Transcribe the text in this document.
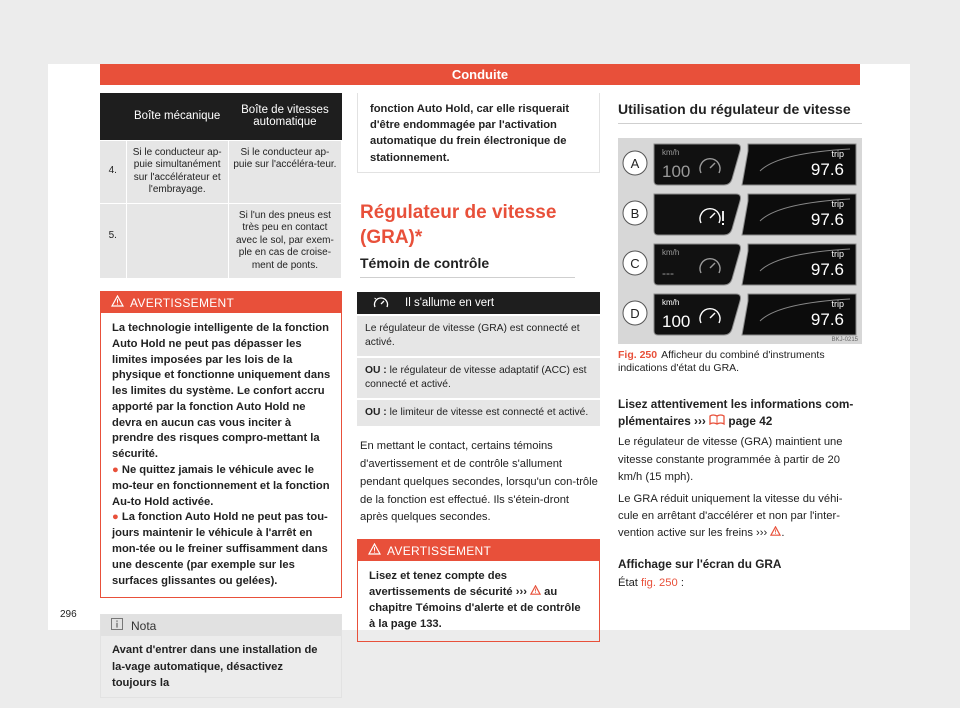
Conduite
	Boîte mécanique	Boîte de vitesses automatique
4.	Si le conducteur ap-puie simultanément sur l'accélérateur et l'embrayage.	Si le conducteur ap-puie sur l'accéléra-teur.
5.		Si l'un des pneus est très peu en contact avec le sol, par exem-ple en cas de croise-ment de ponts.
AVERTISSEMENT
La technologie intelligente de la fonction Auto Hold ne peut pas dépasser les limites imposées par les lois de la physique et fonctionne uniquement dans les limites du système. Le confort accru apporté par la fonction Auto Hold ne devra en aucun cas vous inciter à prendre des risques compro-mettant la sécurité.
● Ne quittez jamais le véhicule avec le mo-teur en fonctionnement et la fonction Au-to Hold activée.
● La fonction Auto Hold ne peut pas tou-jours maintenir le véhicule à l'arrêt en mon-tée ou le freiner suffisamment dans une descente (par exemple sur les surfaces glissantes ou gelées).
Nota
Avant d'entrer dans une installation de la-vage automatique, désactivez toujours la
fonction Auto Hold, car elle risquerait d'être endommagée par l'activation automatique du frein électronique de stationnement.
Régulateur de vitesse (GRA)*
Témoin de contrôle
Il s'allume en vert
Le régulateur de vitesse (GRA) est connecté et activé.
OU : le régulateur de vitesse adaptatif (ACC) est connecté et activé.
OU : le limiteur de vitesse est connecté et activé.
En mettant le contact, certains témoins d'avertissement et de contrôle s'allument pendant quelques secondes, lorsqu'un con-trôle de la fonction est effectué. Ils s'étein-dront après quelques secondes.
AVERTISSEMENT
Lisez et tenez compte des avertissements de sécurité ››› au chapitre Témoins d'alerte et de contrôle à la page 133.
Utilisation du régulateur de vitesse
A
trip
97.6
km/h
100
B
trip
97.6
C
trip
97.6
km/h
---
D
trip
97.6
km/h
100
BKJ-0215
Fig. 250 Afficheur du combiné d'instruments indications d'état du GRA.
Lisez attentivement les informations com-plémentaires ››› page 42
Le régulateur de vitesse (GRA) maintient une vitesse constante programmée à partir de 20 km/h (15 mph).
Le GRA réduit uniquement la vitesse du véhi-cule en arrêtant d'accélérer et non par l'inter-vention active sur les freins ››› .
Affichage sur l'écran du GRA
État fig. 250 :
296
